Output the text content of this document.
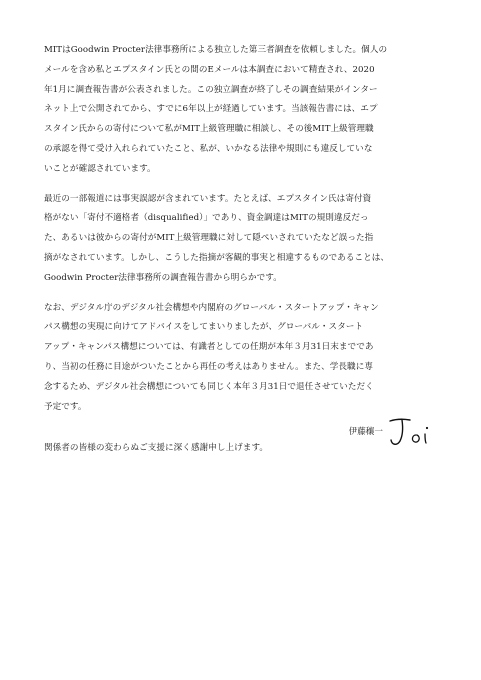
MITはGoodwin Procter法律事務所による独立した第三者調査を依頼しました。個人の
メールを含め私とエプスタイン氏との間のEメールは本調査において精査され、2020
年1月に調査報告書が公表されました。この独立調査が終了しその調査結果がインター
ネット上で公開されてから、すでに6年以上が経過しています。当該報告書には、エプ
スタイン氏からの寄付について私がMIT上級管理職に相談し、その後MIT上級管理職
の承認を得て受け入れられていたこと、私が、いかなる法律や規則にも違反していな
いことが確認されています。

最近の一部報道には事実誤認が含まれています。たとえば、エプスタイン氏は寄付資
格がない「寄付不適格者（disqualified）」であり、資金調達はMITの規則違反だっ
た、あるいは彼からの寄付がMIT上級管理職に対して隠ぺいされていたなど誤った指
摘がなされています。しかし、こうした指摘が客観的事実と相違するものであることは、
Goodwin Procter法律事務所の調査報告書から明らかです。

なお、デジタル庁のデジタル社会構想や内閣府のグローバル・スタートアップ・キャン
パス構想の実現に向けてアドバイスをしてまいりましたが、グローバル・スタート
アップ・キャンパス構想については、有識者としての任期が本年３月31日末までであ
り、当初の任務に目途がついたことから再任の考えはありません。また、学長職に専
念するため、デジタル社会構想についても同じく本年３月31日で退任させていただく
予定です。

関係者の皆様の変わらぬご支援に深く感謝申し上げます。

伊藤穰一
